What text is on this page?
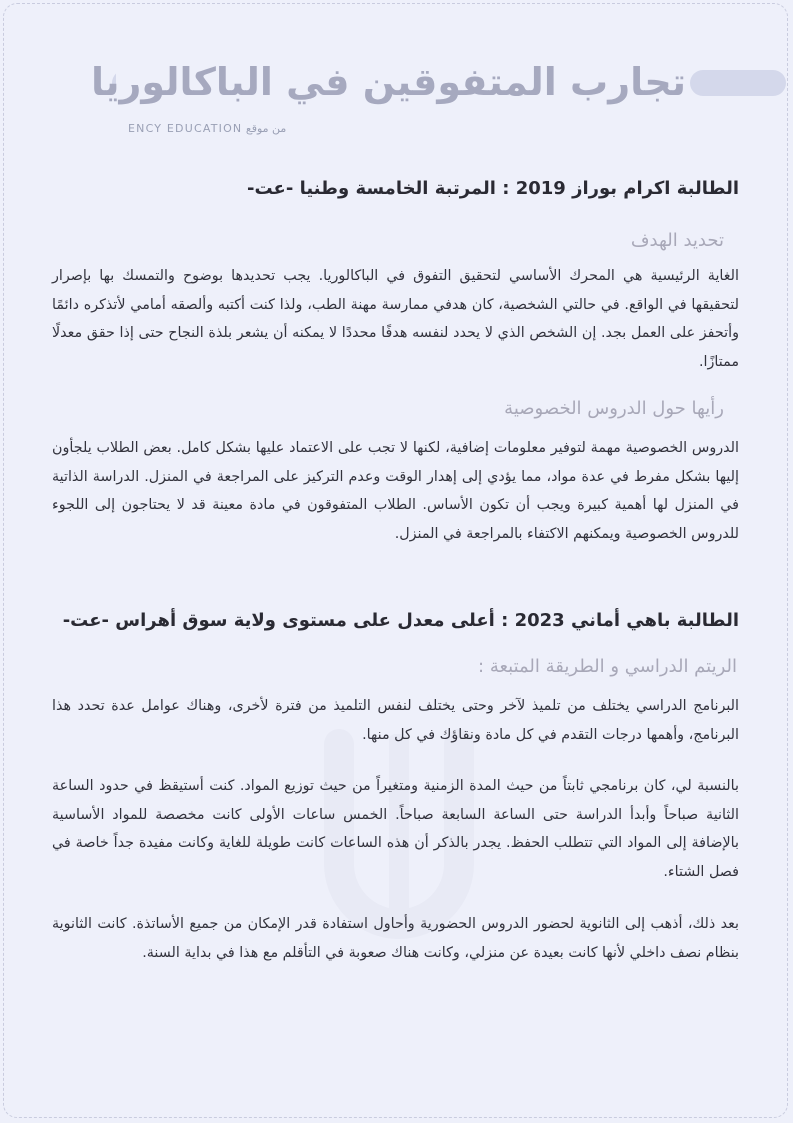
تجارب المتفوقين في الباكالوريا
من موقع ENCY EDUCATION
الطالبة اكرام بوراز 2019 : المرتبة الخامسة وطنيا -عت-
تحديد الهدف
الغاية الرئيسية هي المحرك الأساسي لتحقيق التفوق في الباكالوريا. يجب تحديدها بوضوح والتمسك بها بإصرار لتحقيقها في الواقع. في حالتي الشخصية، كان هدفي ممارسة مهنة الطب، ولذا كنت أكتبه وألصقه أمامي لأتذكره دائمًا وأتحفز على العمل بجد. إن الشخص الذي لا يحدد لنفسه هدفًا محددًا لا يمكنه أن يشعر بلذة النجاح حتى إذا حقق معدلًا ممتازًا.
رأيها حول الدروس الخصوصية
الدروس الخصوصية مهمة لتوفير معلومات إضافية، لكنها لا تجب على الاعتماد عليها بشكل كامل. بعض الطلاب يلجأون إليها بشكل مفرط في عدة مواد، مما يؤدي إلى إهدار الوقت وعدم التركيز على المراجعة في المنزل. الدراسة الذاتية في المنزل لها أهمية كبيرة ويجب أن تكون الأساس. الطلاب المتفوقون في مادة معينة قد لا يحتاجون إلى اللجوء للدروس الخصوصية ويمكنهم الاكتفاء بالمراجعة في المنزل.
الطالبة باهي أماني 2023 : أعلى معدل على مستوى ولاية سوق أهراس -عت-
الريتم الدراسي و الطريقة المتبعة :
البرنامج الدراسي يختلف من تلميذ لآخر وحتى يختلف لنفس التلميذ من فترة لأخرى، وهناك عوامل عدة تحدد هذا البرنامج، وأهمها درجات التقدم في كل مادة ونقاؤك في كل منها.
بالنسبة لي، كان برنامجي ثابتاً من حيث المدة الزمنية ومتغيراً من حيث توزيع المواد. كنت أستيقظ في حدود الساعة الثانية صباحاً وأبدأ الدراسة حتى الساعة السابعة صباحاً. الخمس ساعات الأولى كانت مخصصة للمواد الأساسية بالإضافة إلى المواد التي تتطلب الحفظ. يجدر بالذكر أن هذه الساعات كانت طويلة للغاية وكانت مفيدة جداً خاصة في فصل الشتاء.
بعد ذلك، أذهب إلى الثانوية لحضور الدروس الحضورية وأحاول استفادة قدر الإمكان من جميع الأساتذة. كانت الثانوية بنظام نصف داخلي لأنها كانت بعيدة عن منزلي، وكانت هناك صعوبة في التأقلم مع هذا في بداية السنة.
